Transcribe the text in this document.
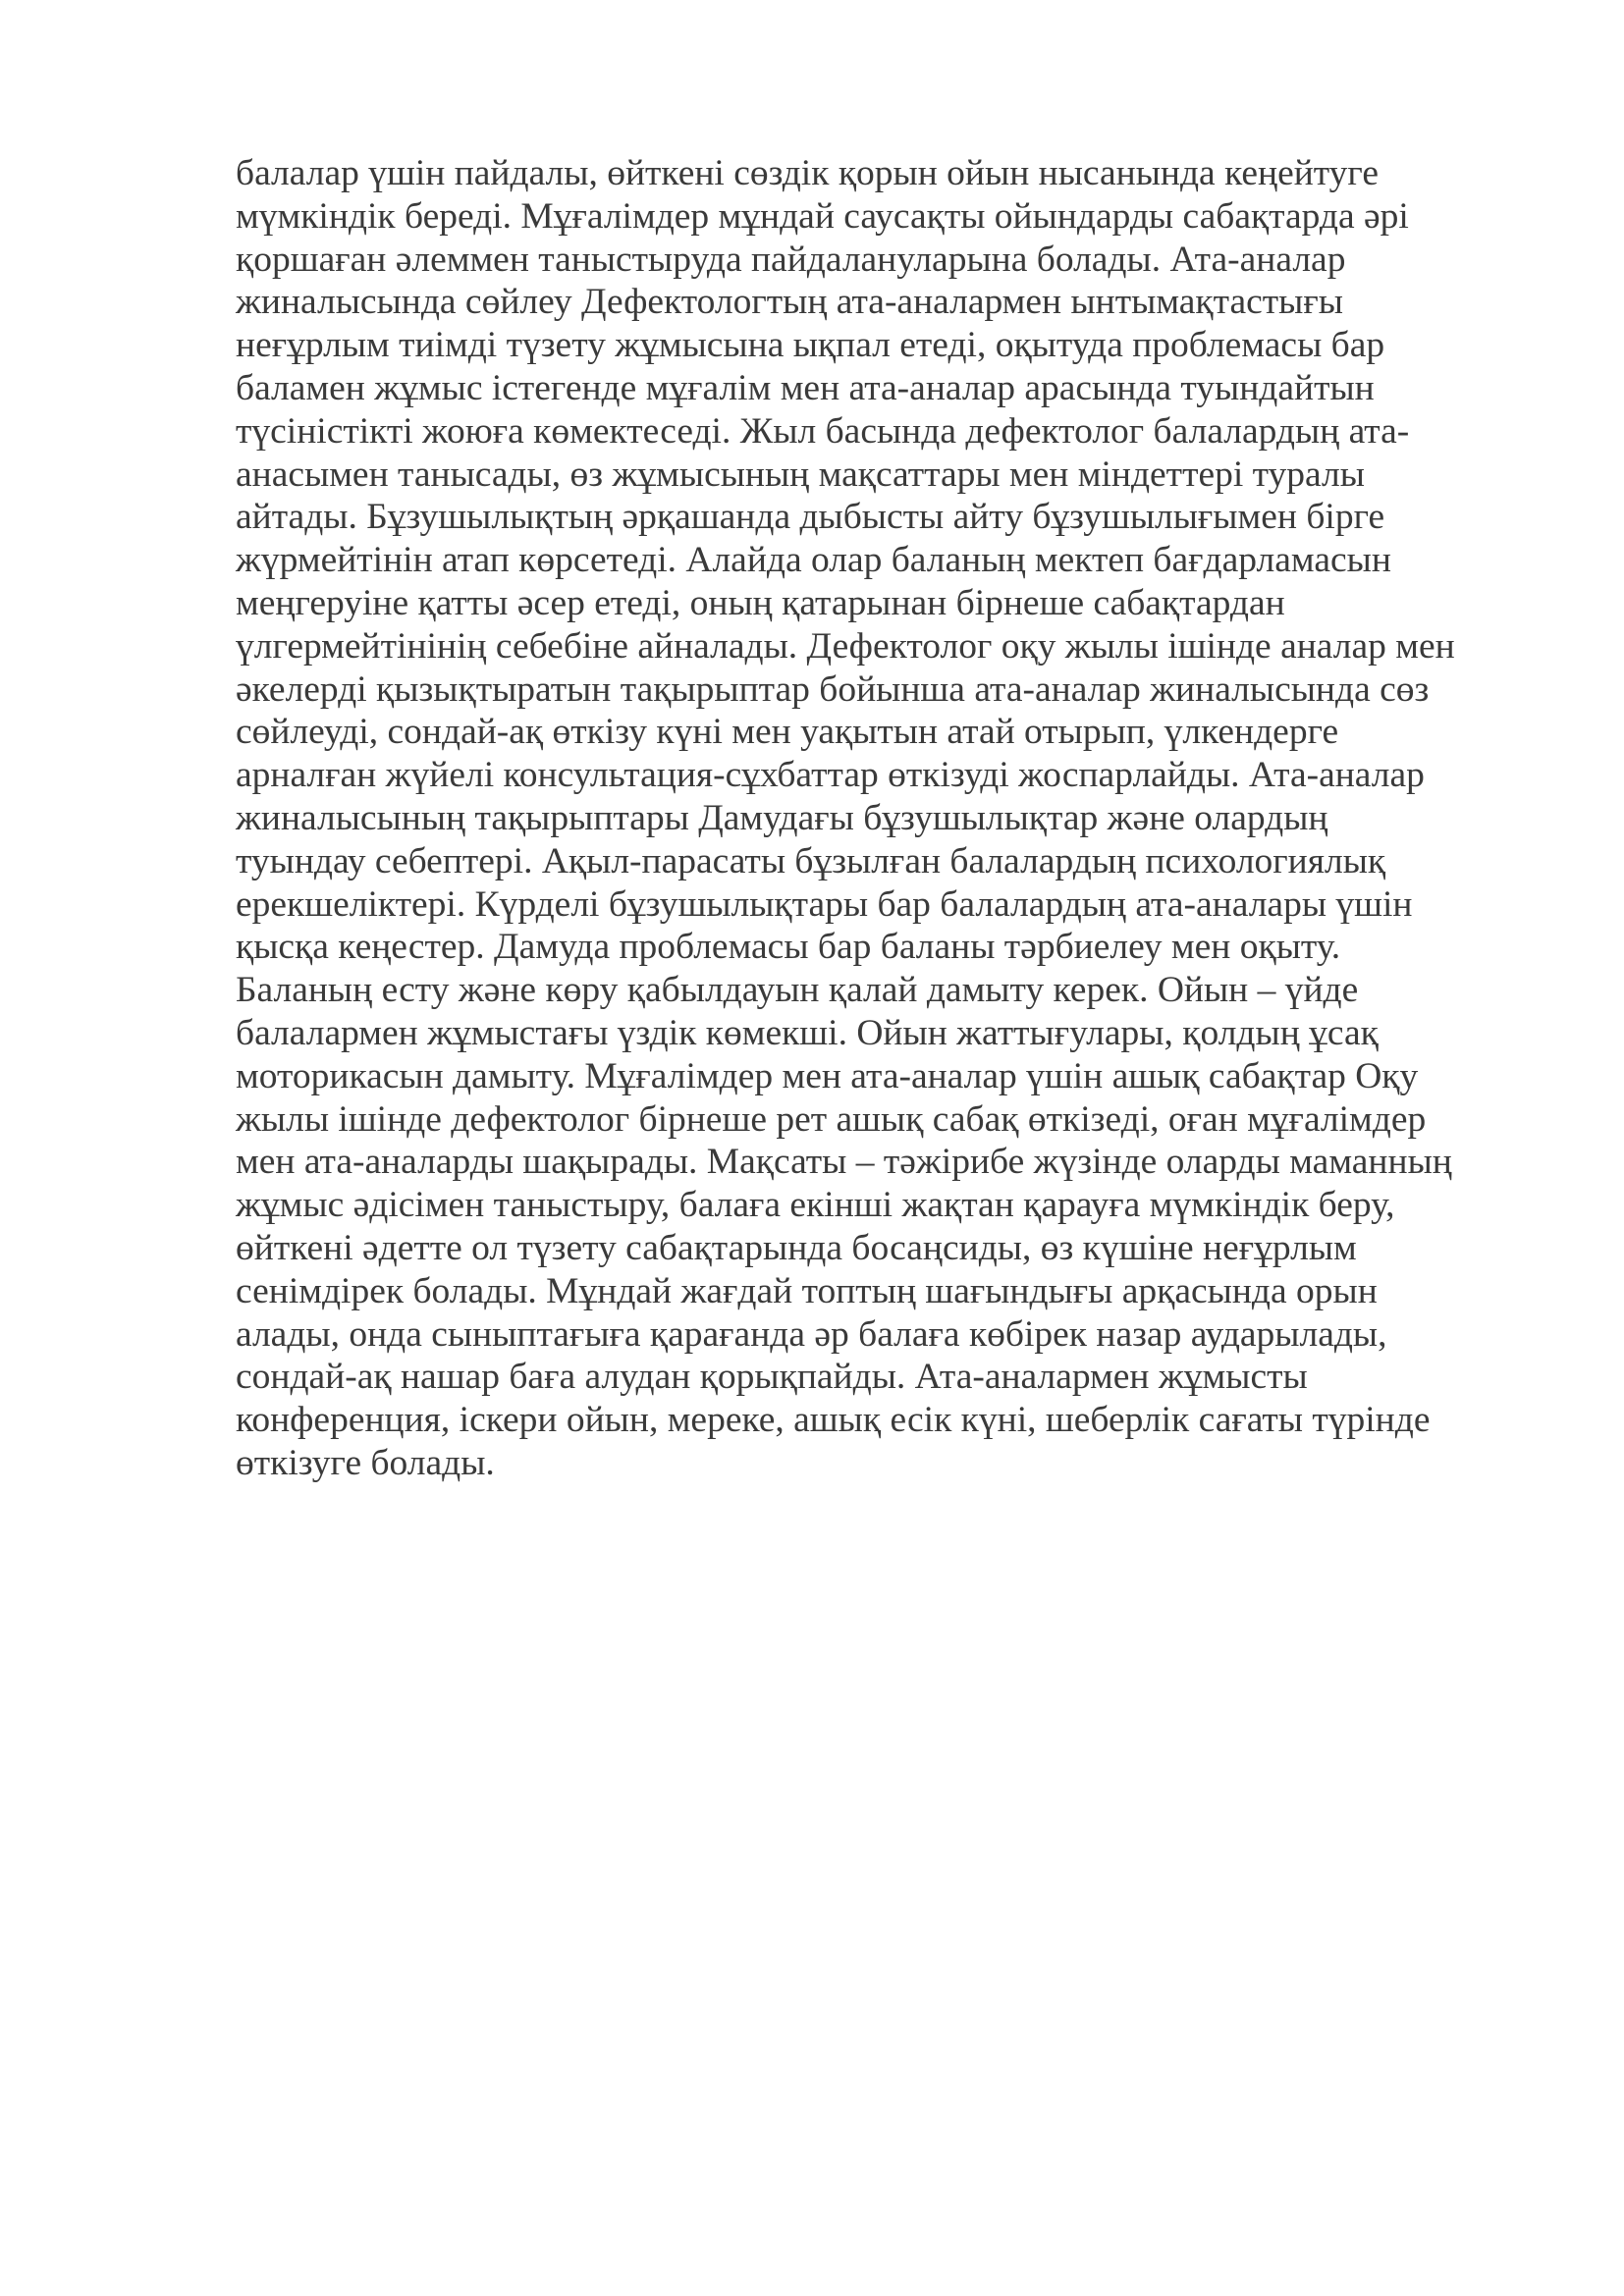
балалар үшін пайдалы, өйткені сөздік қорын ойын нысанында кеңейтуге
мүмкіндік береді. Мұғалімдер мұндай саусақты ойындарды сабақтарда әрі
қоршаған әлеммен таныстыруда пайдалануларына болады. Ата-аналар
жиналысында сөйлеу Дефектологтың ата-аналармен ынтымақтастығы
неғұрлым тиімді түзету жұмысына ықпал етеді, оқытуда проблемасы бар
баламен жұмыс істегенде мұғалім мен ата-аналар арасында туындайтын
түсіністікті жоюға көмектеседі. Жыл басында дефектолог балалардың ата-
анасымен танысады, өз жұмысының мақсаттары мен міндеттері туралы
айтады. Бұзушылықтың әрқашанда дыбысты айту бұзушылығымен бірге
жүрмейтінін атап көрсетеді. Алайда олар баланың мектеп бағдарламасын
меңгеруіне қатты әсер етеді, оның қатарынан бірнеше сабақтардан
үлгермейтінінің себебіне айналады. Дефектолог оқу жылы ішінде аналар мен
әкелерді қызықтыратын тақырыптар бойынша ата-аналар жиналысында сөз
сөйлеуді, сондай-ақ өткізу күні мен уақытын атай отырып, үлкендерге
арналған жүйелі консультация-сұхбаттар өткізуді жоспарлайды. Ата-аналар
жиналысының тақырыптары Дамудағы бұзушылықтар және олардың
туындау себептері. Ақыл-парасаты бұзылған балалардың психологиялық
ерекшеліктері. Күрделі бұзушылықтары бар балалардың ата-аналары үшін
қысқа кеңестер. Дамуда проблемасы бар баланы тәрбиелеу мен оқыту.
Баланың есту және көру қабылдауын қалай дамыту керек. Ойын – үйде
балалармен жұмыстағы үздік көмекші. Ойын жаттығулары, қолдың ұсақ
моторикасын дамыту. Мұғалімдер мен ата-аналар үшін ашық сабақтар Оқу
жылы ішінде дефектолог бірнеше рет ашық сабақ өткізеді, оған мұғалімдер
мен ата-аналарды шақырады. Мақсаты – тәжірибе жүзінде оларды маманның
жұмыс әдісімен таныстыру, балаға екінші жақтан қарауға мүмкіндік беру,
өйткені әдетте ол түзету сабақтарында босаңсиды, өз күшіне неғұрлым
сенімдірек болады. Мұндай жағдай топтың шағындығы арқасында орын
алады, онда сыныптағыға қарағанда әр балаға көбірек назар аударылады,
сондай-ақ нашар баға алудан қорықпайды. Ата-аналармен жұмысты
конференция, іскери ойын, мереке, ашық есік күні, шеберлік сағаты түрінде
өткізуге болады.
